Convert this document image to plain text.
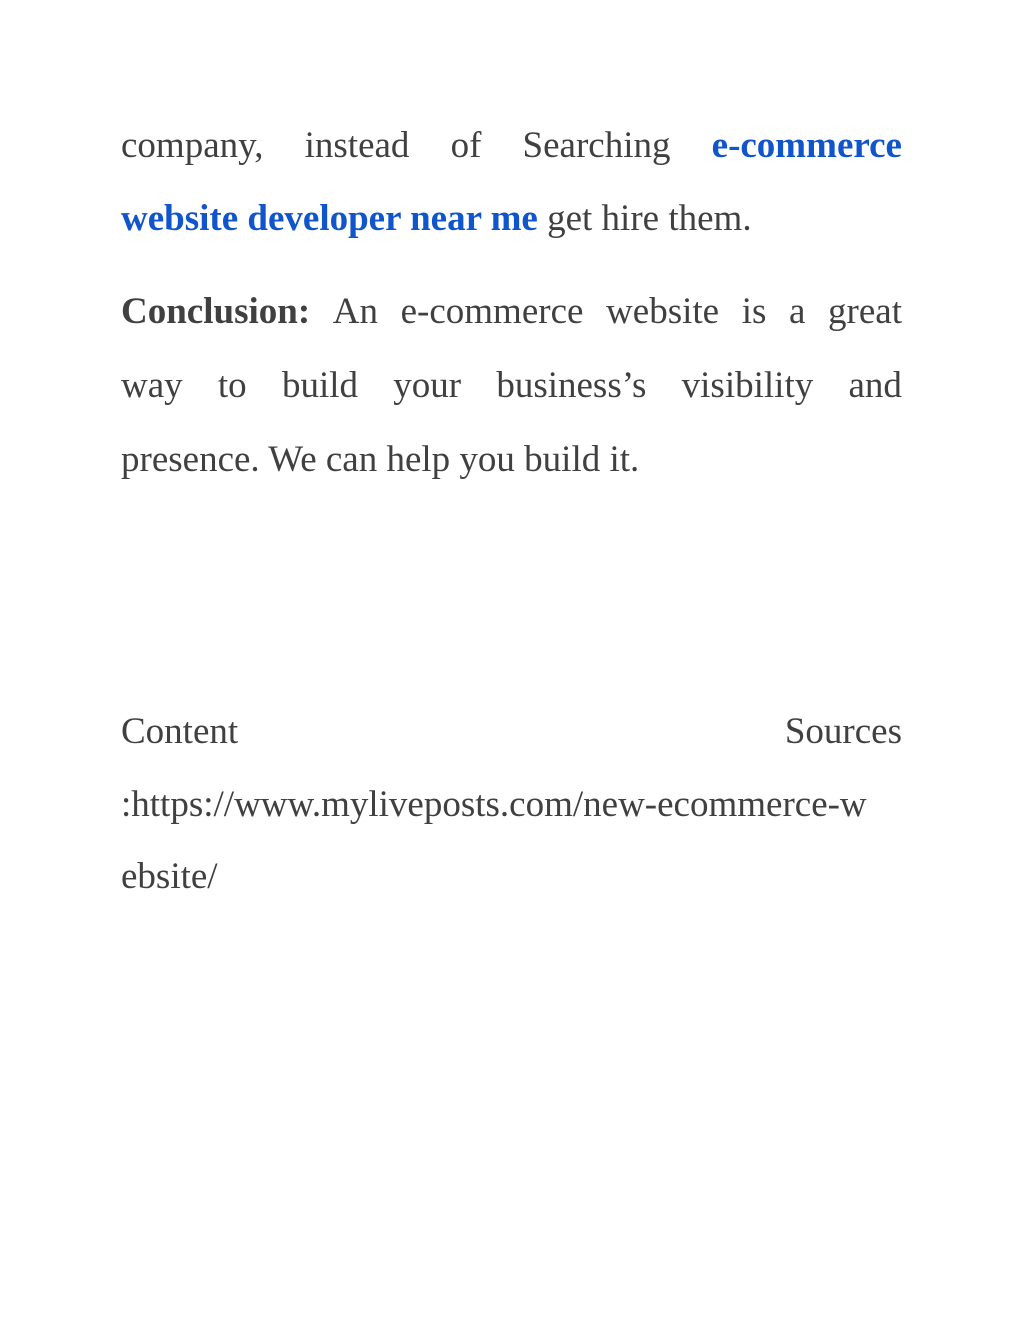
company, instead of Searching e-commerce
website developer near me get hire them.
Conclusion: An e-commerce website is a great
way to build your business’s visibility and
presence. We can help you build it.
Content	Sources
:https://www.myliveposts.com/new-ecommerce-w
ebsite/
